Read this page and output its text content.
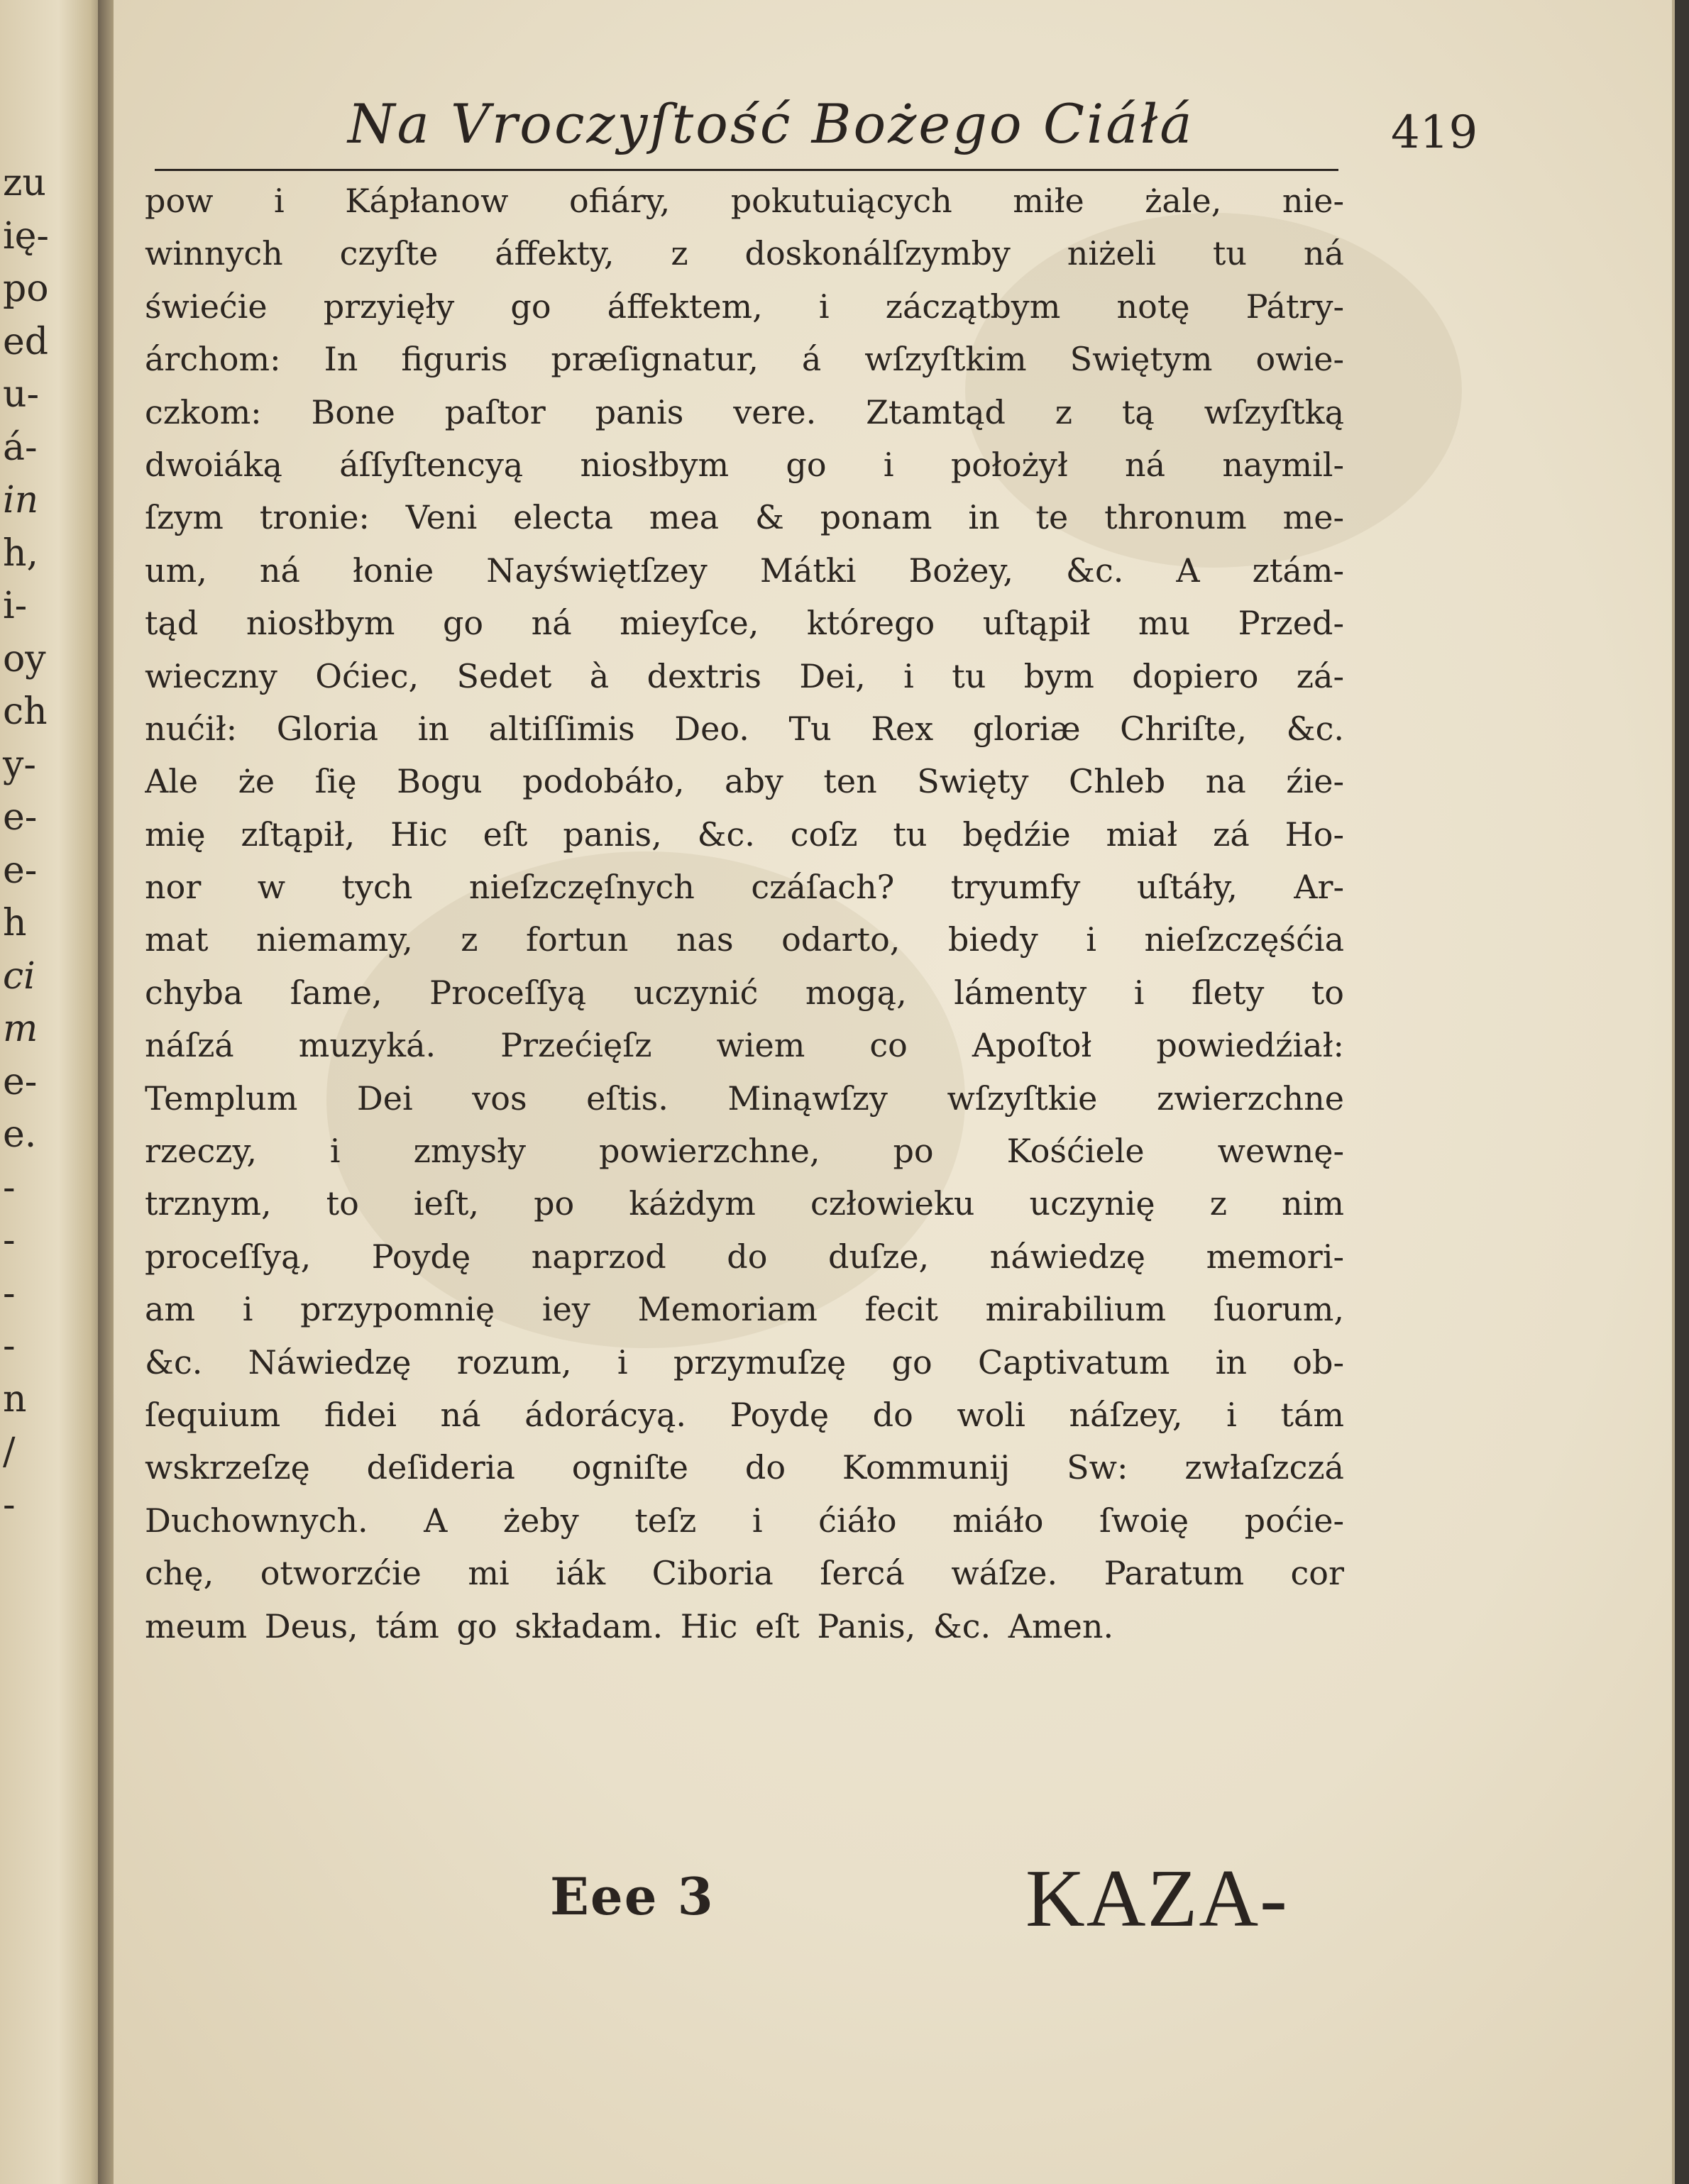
zu
ię-
po
ed
u-
á-
in
h,
i-
oy
ch
y-
e-
e-
h
ci
m
e-
e.
-
-
-
-
n
/
-
Na Vroczyſtość Bożego Ciáłá	419
pow i Kápłanow ofiáry, pokutuiących miłe żale, nie-
winnych czyſte áffekty, z doskonálſzymby niżeli tu ná
świećie przyięły go áffektem, i záczątbym notę Pátry-
árchom: In figuris præſignatur, á wſzyſtkim Swiętym owie-
czkom: Bone paſtor panis vere. Ztamtąd z tą wſzyſtką
dwoiáką áſſyſtencyą niosłbym go i położył ná naymil-
ſzym tronie: Veni electa mea & ponam in te thronum me-
um, ná łonie Nayświętſzey Mátki Bożey, &c. A ztám-
tąd niosłbym go ná mieyſce, którego uſtąpił mu Przed-
wieczny Oćiec, Sedet à dextris Dei, i tu bym dopiero zá-
nućił: Gloria in altiſſimis Deo. Tu Rex gloriæ Chriſte, &c.
Ale że ſię Bogu podobáło, aby ten Swięty Chleb na źie-
mię zſtąpił, Hic eſt panis, &c. coſz tu będźie miał zá Ho-
nor w tych nieſzczęſnych czáſach? tryumfy uſtáły, Ar-
mat niemamy, z fortun nas odarto, biedy i nieſzczęśćia
chyba ſame, Proceſſyą uczynić mogą, lámenty i flety to
náſzá muzyká. Przećięſz wiem co Apoſtoł powiedźiał:
Templum Dei vos eſtis. Minąwſzy wſzyſtkie zwierzchne
rzeczy, i zmysły powierzchne, po Kośćiele wewnę-
trznym, to ieſt, po káżdym człowieku uczynię z nim
proceſſyą, Poydę naprzod do duſze, náwiedzę memori-
am i przypomnię iey Memoriam fecit mirabilium ſuorum,
&c. Náwiedzę rozum, i przymuſzę go Captivatum in ob-
ſequium fidei ná ádorácyą. Poydę do woli náſzey, i tám
wskrzeſzę deſideria ogniſte do Kommunij Sw: zwłaſzczá
Duchownych. A żeby teſz i ćiáło miáło ſwoię poćie-
chę, otworzćie mi iák Ciboria ſercá wáſze. Paratum cor
meum Deus, tám go składam. Hic eſt Panis, &c. Amen.
Eee 3	KAZA-
